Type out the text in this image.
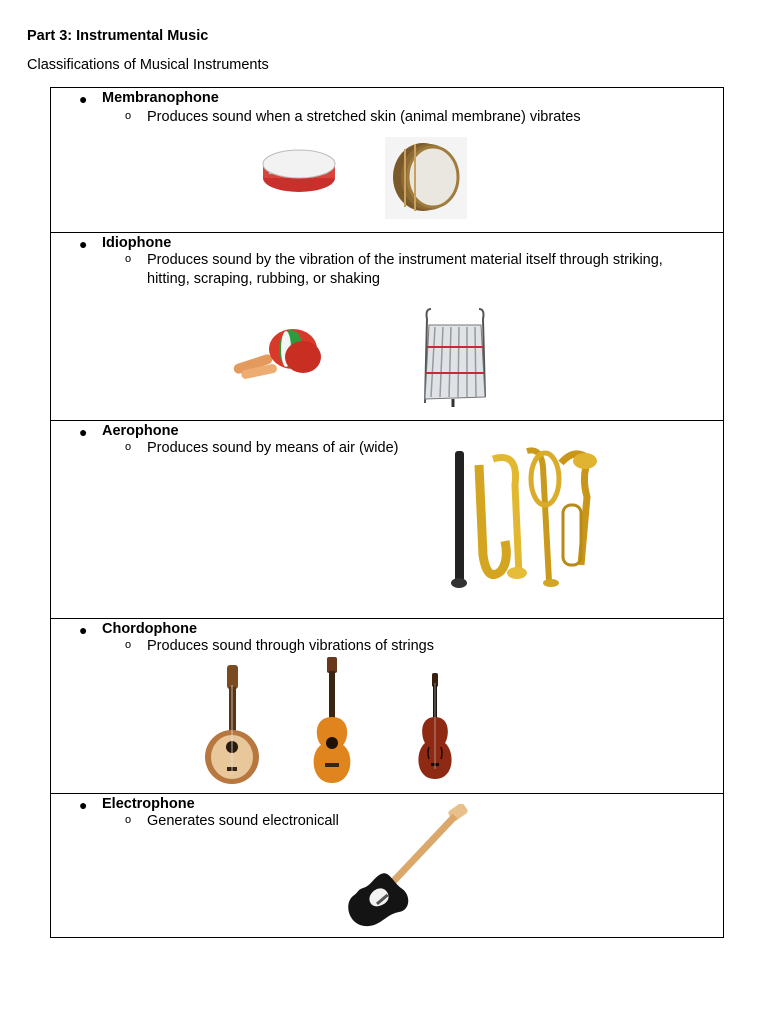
Part 3: Instrumental Music
Classifications of Musical Instruments
● Membranophone
o Produces sound when a stretched skin (animal membrane) vibrates
● Idiophone
o Produces sound by the vibration of the instrument material itself through striking, hitting, scraping, rubbing, or shaking
● Aerophone
o Produces sound by means of air (wide)
● Chordophone
o Produces sound through vibrations of strings
● Electrophone
o Generates sound electronicall
